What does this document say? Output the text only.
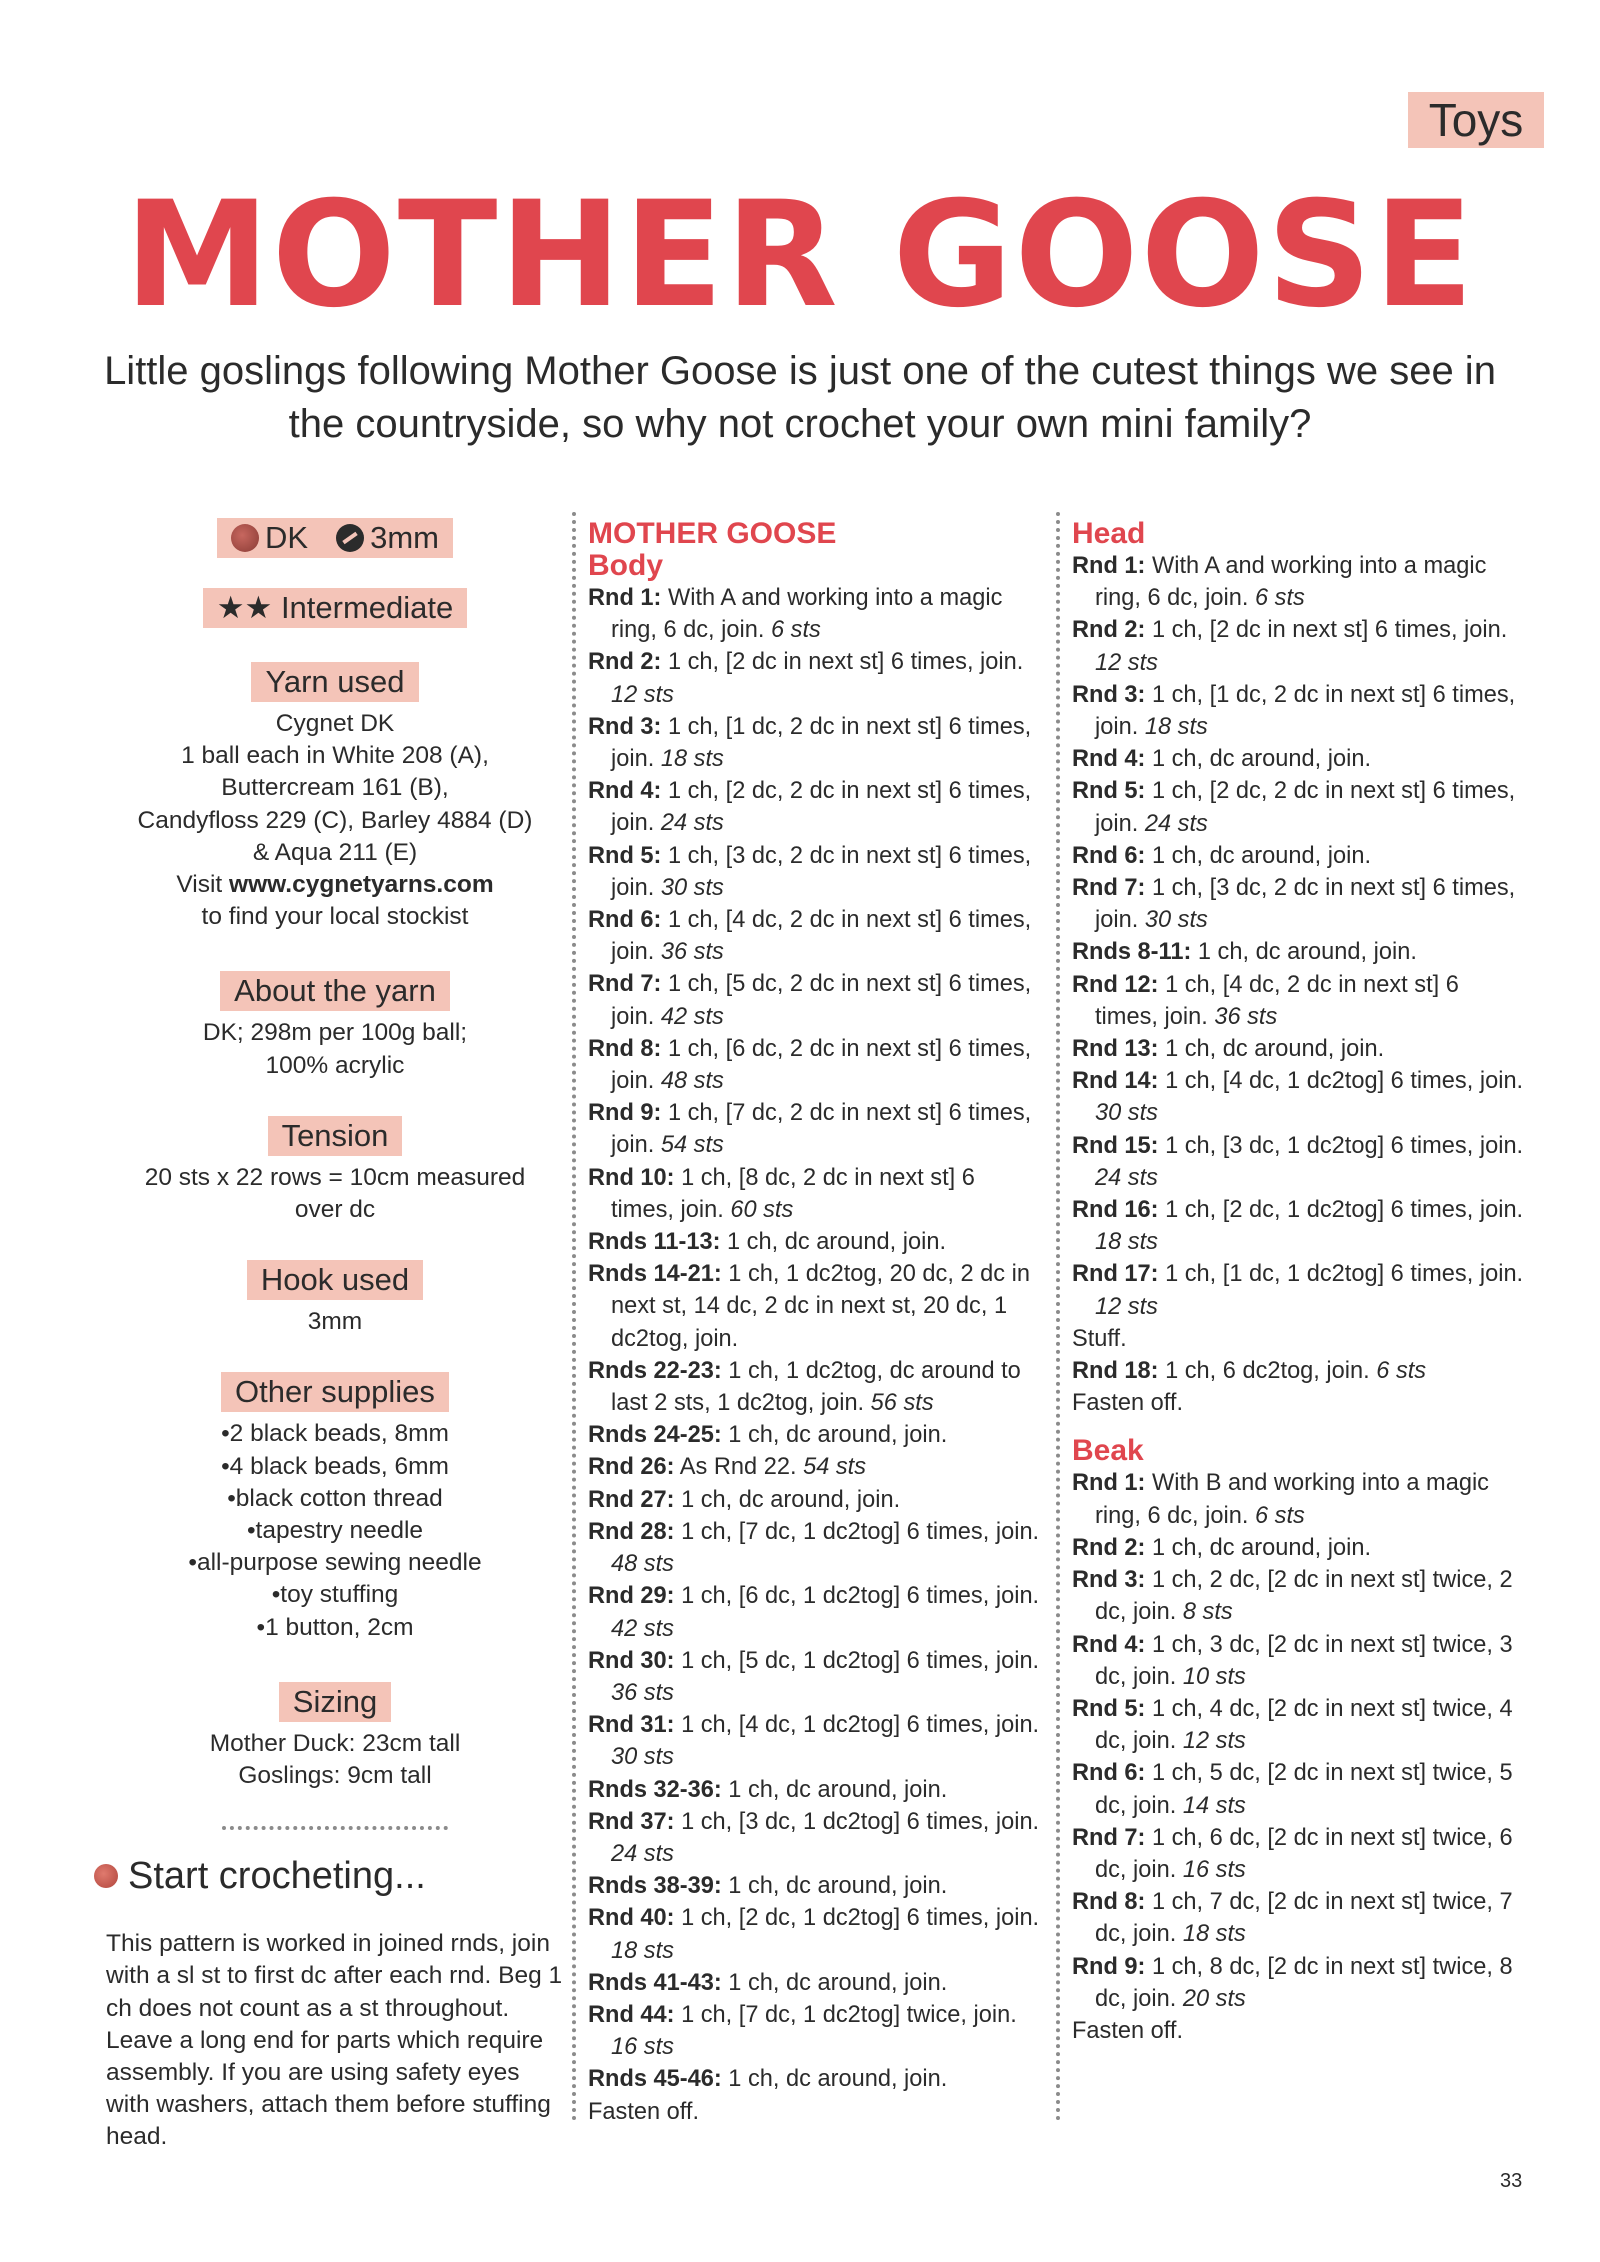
Toys
MOTHER GOOSE

Little goslings following Mother Goose is just one of the cutest things we see in the countryside, so why not crochet your own mini family?

DK	3mm
★★ Intermediate
Yarn used

Cygnet DK

1 ball each in White 208 (A),

Buttercream 161 (B),

Candyfloss 229 (C), Barley 4884 (D)

& Aqua 211 (E)

Visit www.cygnetyarns.com

to find your local stockist

About the yarn

DK; 298m per 100g ball;

100% acrylic

Tension

20 sts x 22 rows = 10cm measured

over dc

Hook used

3mm

Other supplies
• 2 black beads, 8mm
• 4 black beads, 6mm
• black cotton thread
• tapestry needle
• all-purpose sewing needle
• toy stuffing
• 1 button, 2cm
Sizing

Mother Duck: 23cm tall

Goslings: 9cm tall

Start crocheting...

This pattern is worked in joined rnds, join with a sl st to first dc after each rnd. Beg 1 ch does not count as a st throughout. Leave a long end for parts which require assembly. If you are using safety eyes with washers, attach them before stuffing head.

MOTHER GOOSE
Body
Rnd 1: With A and working into a magic ring, 6 dc, join. 6 sts
Rnd 2: 1 ch, [2 dc in next st] 6 times, join. 12 sts
Rnd 3: 1 ch, [1 dc, 2 dc in next st] 6 times, join. 18 sts
Rnd 4: 1 ch, [2 dc, 2 dc in next st] 6 times, join. 24 sts
Rnd 5: 1 ch, [3 dc, 2 dc in next st] 6 times, join. 30 sts
Rnd 6: 1 ch, [4 dc, 2 dc in next st] 6 times, join. 36 sts
Rnd 7: 1 ch, [5 dc, 2 dc in next st] 6 times, join. 42 sts
Rnd 8: 1 ch, [6 dc, 2 dc in next st] 6 times, join. 48 sts
Rnd 9: 1 ch, [7 dc, 2 dc in next st] 6 times, join. 54 sts
Rnd 10: 1 ch, [8 dc, 2 dc in next st] 6 times, join. 60 sts
Rnds 11-13: 1 ch, dc around, join.
Rnds 14-21: 1 ch, 1 dc2tog, 20 dc, 2 dc in next st, 14 dc, 2 dc in next st, 20 dc, 1 dc2tog, join.
Rnds 22-23: 1 ch, 1 dc2tog, dc around to last 2 sts, 1 dc2tog, join. 56 sts
Rnds 24-25: 1 ch, dc around, join.
Rnd 26: As Rnd 22. 54 sts
Rnd 27: 1 ch, dc around, join.
Rnd 28: 1 ch, [7 dc, 1 dc2tog] 6 times, join. 48 sts
Rnd 29: 1 ch, [6 dc, 1 dc2tog] 6 times, join. 42 sts
Rnd 30: 1 ch, [5 dc, 1 dc2tog] 6 times, join. 36 sts
Rnd 31: 1 ch, [4 dc, 1 dc2tog] 6 times, join. 30 sts
Rnds 32-36: 1 ch, dc around, join.
Rnd 37: 1 ch, [3 dc, 1 dc2tog] 6 times, join. 24 sts
Rnds 38-39: 1 ch, dc around, join.
Rnd 40: 1 ch, [2 dc, 1 dc2tog] 6 times, join. 18 sts
Rnds 41-43: 1 ch, dc around, join.
Rnd 44: 1 ch, [7 dc, 1 dc2tog] twice, join. 16 sts
Rnds 45-46: 1 ch, dc around, join.
Fasten off.
Head
Rnd 1: With A and working into a magic ring, 6 dc, join. 6 sts
Rnd 2: 1 ch, [2 dc in next st] 6 times, join. 12 sts
Rnd 3: 1 ch, [1 dc, 2 dc in next st] 6 times, join. 18 sts
Rnd 4: 1 ch, dc around, join.
Rnd 5: 1 ch, [2 dc, 2 dc in next st] 6 times, join. 24 sts
Rnd 6: 1 ch, dc around, join.
Rnd 7: 1 ch, [3 dc, 2 dc in next st] 6 times, join. 30 sts
Rnds 8-11: 1 ch, dc around, join.
Rnd 12: 1 ch, [4 dc, 2 dc in next st] 6 times, join. 36 sts
Rnd 13: 1 ch, dc around, join.
Rnd 14: 1 ch, [4 dc, 1 dc2tog] 6 times, join. 30 sts
Rnd 15: 1 ch, [3 dc, 1 dc2tog] 6 times, join. 24 sts
Rnd 16: 1 ch, [2 dc, 1 dc2tog] 6 times, join. 18 sts
Rnd 17: 1 ch, [1 dc, 1 dc2tog] 6 times, join. 12 sts
Stuff.
Rnd 18: 1 ch, 6 dc2tog, join. 6 sts
Fasten off.
Beak
Rnd 1: With B and working into a magic ring, 6 dc, join. 6 sts
Rnd 2: 1 ch, dc around, join.
Rnd 3: 1 ch, 2 dc, [2 dc in next st] twice, 2 dc, join. 8 sts
Rnd 4: 1 ch, 3 dc, [2 dc in next st] twice, 3 dc, join. 10 sts
Rnd 5: 1 ch, 4 dc, [2 dc in next st] twice, 4 dc, join. 12 sts
Rnd 6: 1 ch, 5 dc, [2 dc in next st] twice, 5 dc, join. 14 sts
Rnd 7: 1 ch, 6 dc, [2 dc in next st] twice, 6 dc, join. 16 sts
Rnd 8: 1 ch, 7 dc, [2 dc in next st] twice, 7 dc, join. 18 sts
Rnd 9: 1 ch, 8 dc, [2 dc in next st] twice, 8 dc, join. 20 sts
Fasten off.
33
